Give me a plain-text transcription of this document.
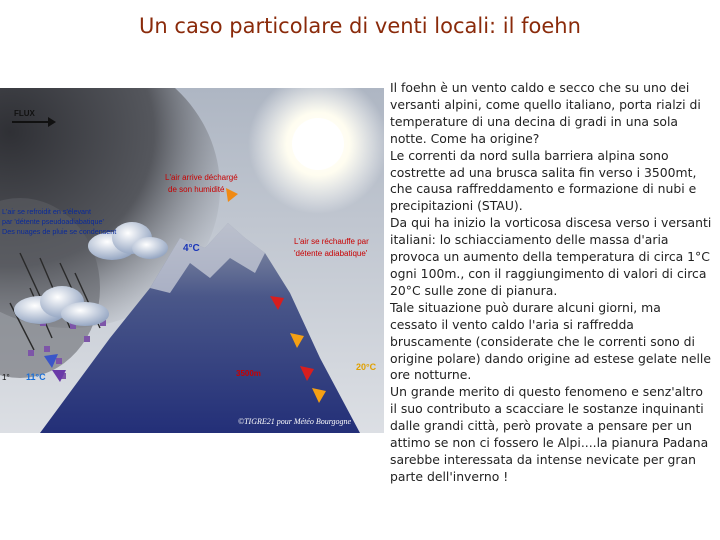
Un caso particolare di venti locali: il foehn
FLUX
L'air se refroidit en s'élevant par 'détente pseudoadiabatique' Des nuages de pluie se condensent
L'air arrive déchargé de son humidité
L'air se réchauffe par 'détente adiabatique'
4°C
11°C
20°C
3500m
1°
©TIGRE21 pour Météo Bourgogne

Il foehn è un vento caldo e secco che su uno dei versanti alpini, come quello italiano, porta rialzi di temperature di una decina di gradi in una sola notte. Come ha origine?

Le correnti da nord sulla barriera alpina sono costrette ad una brusca salita fin verso i 3500mt, che causa raffreddamento e formazione di nubi e precipitazioni (STAU).

Da qui ha inizio la vorticosa discesa verso i versanti italiani: lo schiacciamento delle massa d'aria provoca un aumento della temperatura di circa 1°C ogni 100m., con il raggiungimento di valori di circa 20°C sulle zone di pianura.

Tale situazione può durare alcuni giorni, ma cessato il vento caldo l'aria si raffredda bruscamente (considerate che le correnti sono di origine polare) dando origine ad estese gelate nelle ore notturne.

Un grande merito di questo fenomeno e senz'altro il suo contributo a scacciare le sostanze inquinanti dalle grandi città, però provate a pensare per un attimo se non ci fossero le Alpi....la pianura Padana sarebbe interessata da intense nevicate per gran parte dell'inverno !
